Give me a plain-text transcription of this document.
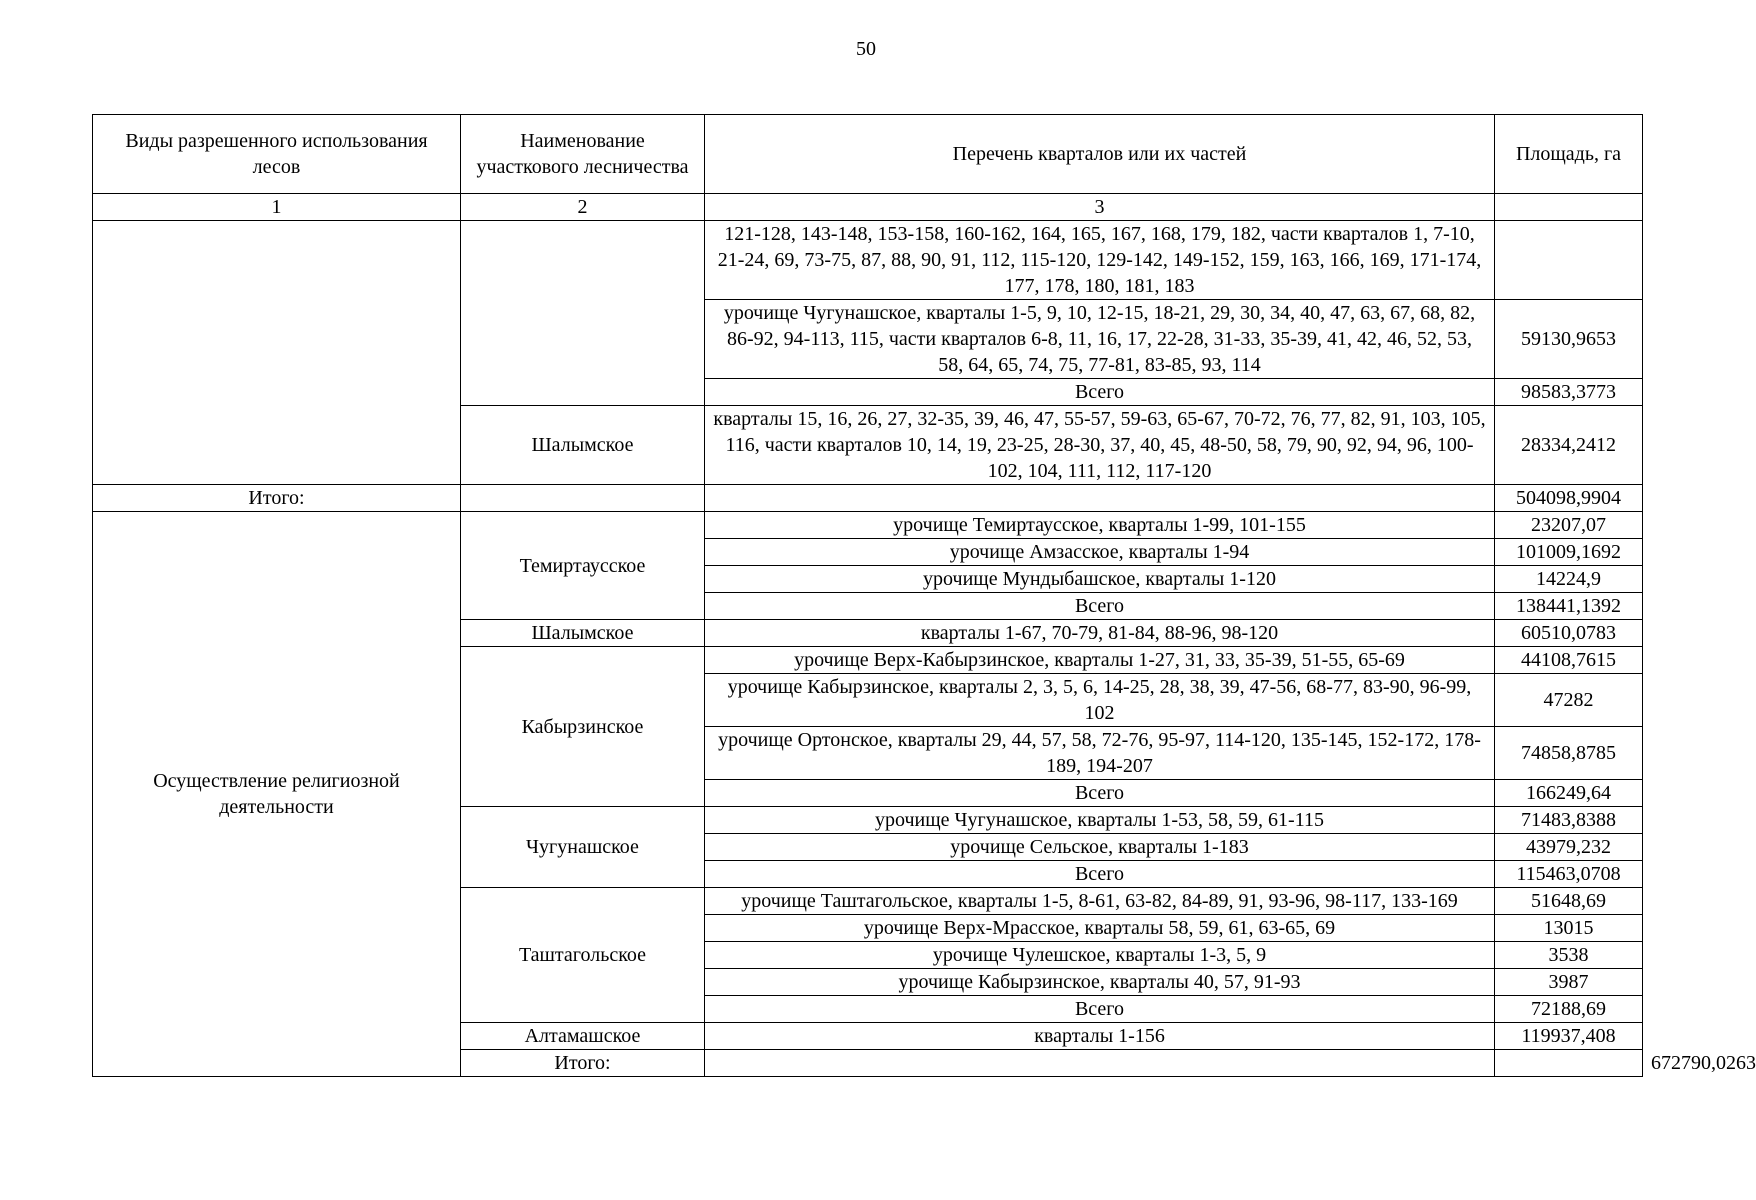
50
Виды разрешенного использования лесов	Наименование участкового лесничества	Перечень кварталов или их частей	Площадь, га	
1	2	3		
		121-128, 143-148, 153-158, 160-162, 164, 165, 167, 168, 179, 182, части кварталов 1, 7-10, 21-24, 69, 73-75, 87, 88, 90, 91, 112, 115-120, 129-142, 149-152, 159, 163, 166, 169, 171-174, 177, 178, 180, 181, 183		
		урочище Чугунашское, кварталы 1-5, 9, 10, 12-15, 18-21, 29, 30, 34, 40, 47, 63, 67, 68, 82, 86-92, 94-113, 115, части кварталов 6-8, 11, 16, 17, 22-28, 31-33, 35-39, 41, 42, 46, 52, 53, 58, 64, 65, 74, 75, 77-81, 83-85, 93, 114	59130,9653	
		Всего	98583,3773	
	Шалымское	кварталы 15, 16, 26, 27, 32-35, 39, 46, 47, 55-57, 59-63, 65-67, 70-72, 76, 77, 82, 91, 103, 105, 116, части кварталов 10, 14, 19, 23-25, 28-30, 37, 40, 45, 48-50, 58, 79, 90, 92, 94, 96, 100-102, 104, 111, 112, 117-120	28334,2412	
Итого:			504098,9904	
Осуществление религиозной деятельности	Темиртаусское	урочище Темиртаусское, кварталы 1-99, 101-155	23207,07	
		урочище Амзасское, кварталы 1-94	101009,1692	
		урочище Мундыбашское, кварталы 1-120	14224,9	
		Всего	138441,1392	
	Шалымское	кварталы 1-67, 70-79, 81-84, 88-96, 98-120	60510,0783	
	Кабырзинское	урочище Верх-Кабырзинское, кварталы 1-27, 31, 33, 35-39, 51-55, 65-69	44108,7615	
		урочище Кабырзинское, кварталы 2, 3, 5, 6, 14-25, 28, 38, 39, 47-56, 68-77, 83-90, 96-99, 102	47282	
		урочище Ортонское, кварталы 29, 44, 57, 58, 72-76, 95-97, 114-120, 135-145, 152-172, 178-189, 194-207	74858,8785	
		Всего	166249,64	
	Чугунашское	урочище Чугунашское, кварталы 1-53, 58, 59, 61-115	71483,8388	
		урочище Сельское, кварталы 1-183	43979,232	
		Всего	115463,0708	
	Таштагольское	урочище Таштагольское, кварталы 1-5, 8-61, 63-82, 84-89, 91, 93-96, 98-117, 133-169	51648,69	
		урочище Верх-Мрасское, кварталы 58, 59, 61, 63-65, 69	13015	
		урочище Чулешское, кварталы 1-3, 5, 9	3538	
		урочище Кабырзинское, кварталы 40, 57, 91-93	3987	
		Всего	72188,69	
	Алтамашское	кварталы 1-156	119937,408	
	Итого:			672790,0263
